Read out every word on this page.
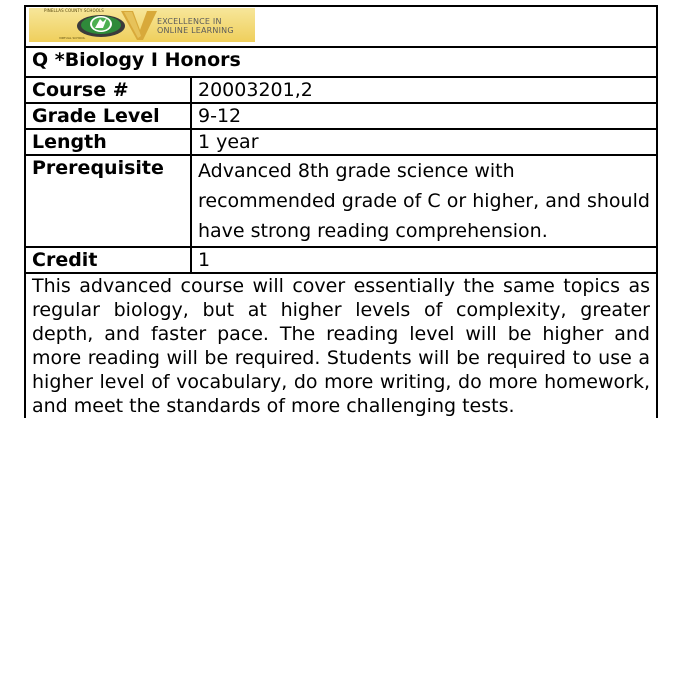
PINELLAS COUNTY SCHOOLS
EXCELLENCE IN
ONLINE LEARNING
VIRTUAL SCHOOL	

Q *Biology I Honors	
Course #	20003201,2
Grade Level	9-12
Length	1 year
Prerequisite	Advanced 8th grade science with recommended grade of C or higher, and should have strong reading comprehension.
Credit	1
This advanced course will cover essentially the same topics as regular biology, but at higher levels of complexity, greater depth, and faster pace. The reading level will be higher and more reading will be required. Students will be required to use a higher level of vocabulary, do more writing, do more homework, and meet the standards of more challenging tests.	
